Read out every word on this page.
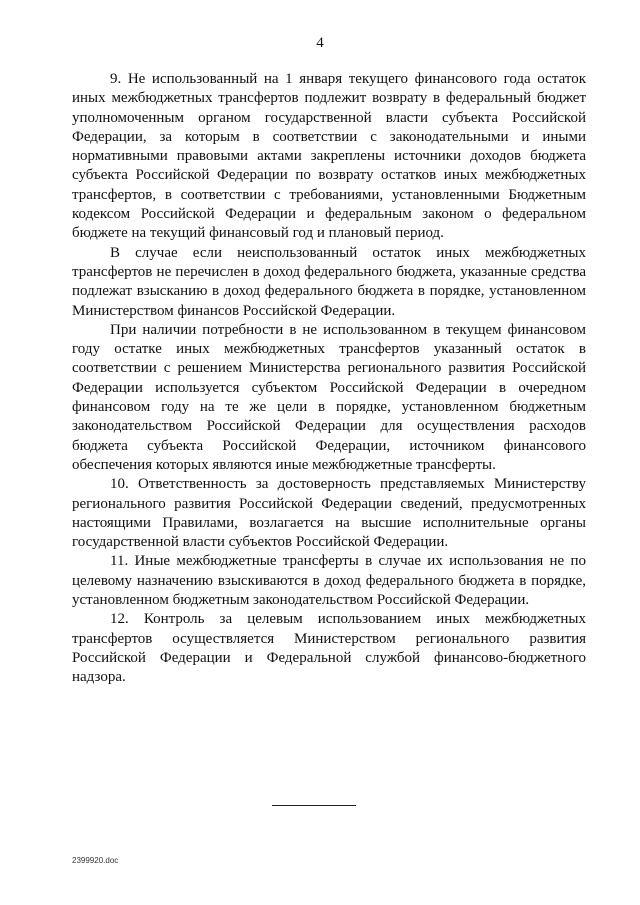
4

9. Не использованный на 1 января текущего финансового года остаток иных межбюджетных трансфертов подлежит возврату в федеральный бюджет уполномоченным органом государственной власти субъекта Российской Федерации, за которым в соответствии с законодательными и иными нормативными правовыми актами закреплены источники доходов бюджета субъекта Российской Федерации по возврату остатков иных межбюджетных трансфертов, в соответствии с требованиями, установленными Бюджетным кодексом Российской Федерации и федеральным законом о федеральном бюджете на текущий финансовый год и плановый период.

В случае если неиспользованный остаток иных межбюджетных трансфертов не перечислен в доход федерального бюджета, указанные средства подлежат взысканию в доход федерального бюджета в порядке, установленном Министерством финансов Российской Федерации.

При наличии потребности в не использованном в текущем финансовом году остатке иных межбюджетных трансфертов указанный остаток в соответствии с решением Министерства регионального развития Российской Федерации используется субъектом Российской Федерации в очередном финансовом году на те же цели в порядке, установленном бюджетным законодательством Российской Федерации для осуществления расходов бюджета субъекта Российской Федерации, источником финансового обеспечения которых являются иные межбюджетные трансферты.

10. Ответственность за достоверность представляемых Министерству регионального развития Российской Федерации сведений, предусмотренных настоящими Правилами, возлагается на высшие исполнительные органы государственной власти субъектов Российской Федерации.

11. Иные межбюджетные трансферты в случае их использования не по целевому назначению взыскиваются в доход федерального бюджета в порядке, установленном бюджетным законодательством Российской Федерации.

12. Контроль за целевым использованием иных межбюджетных трансфертов осуществляется Министерством регионального развития Российской Федерации и Федеральной службой финансово-бюджетного надзора.

2399920.doc
